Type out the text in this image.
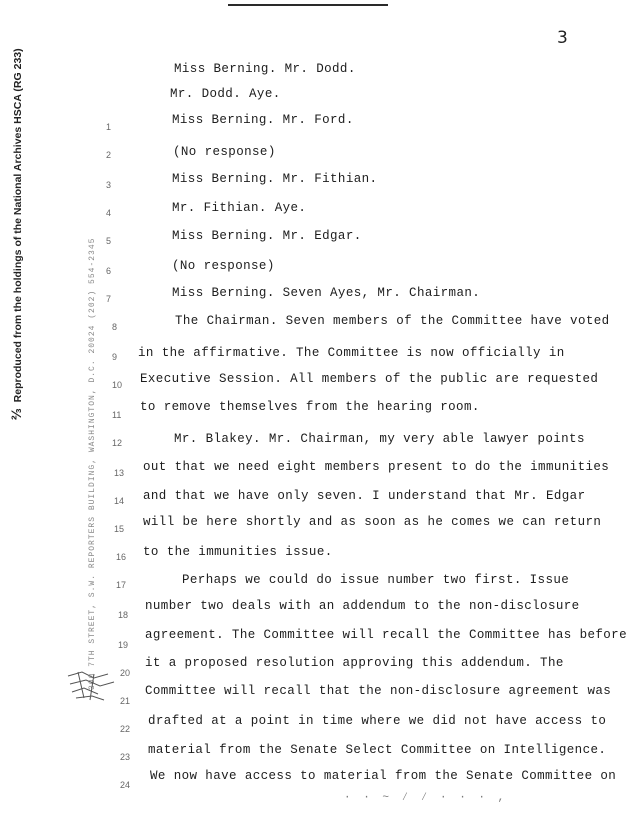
3
⅔Reproduced from the holdings of the National Archives HSCA (RG 233)
300 7TH STREET, S.W. REPORTERS BUILDING, WASHINGTON, D.C. 20024 (202) 554-2345
1
2
3
4
5
6
7
8
9
10
11
12
13
14
15
16
17
18
19
20
21
22
23
24
Miss Berning. Mr. Dodd.
Mr. Dodd. Aye.
Miss Berning. Mr. Ford.
(No response)
Miss Berning. Mr. Fithian.
Mr. Fithian. Aye.
Miss Berning. Mr. Edgar.
(No response)
Miss Berning. Seven Ayes, Mr. Chairman.
The Chairman. Seven members of the Committee have voted
in the affirmative. The Committee is now officially in
Executive Session. All members of the public are requested
to remove themselves from the hearing room.
Mr. Blakey. Mr. Chairman, my very able lawyer points
out that we need eight members present to do the immunities
and that we have only seven. I understand that Mr. Edgar
will be here shortly and as soon as he comes we can return
to the immunities issue.
Perhaps we could do issue number two first. Issue
number two deals with an addendum to the non-disclosure
agreement. The Committee will recall the Committee has before
it a proposed resolution approving this addendum. The
Committee will recall that the non-disclosure agreement was
drafted at a point in time where we did not have access to
material from the Senate Select Committee on Intelligence.
We now have access to material from the Senate Committee on
· · ~ ⁄ ⁄ · · · ,
